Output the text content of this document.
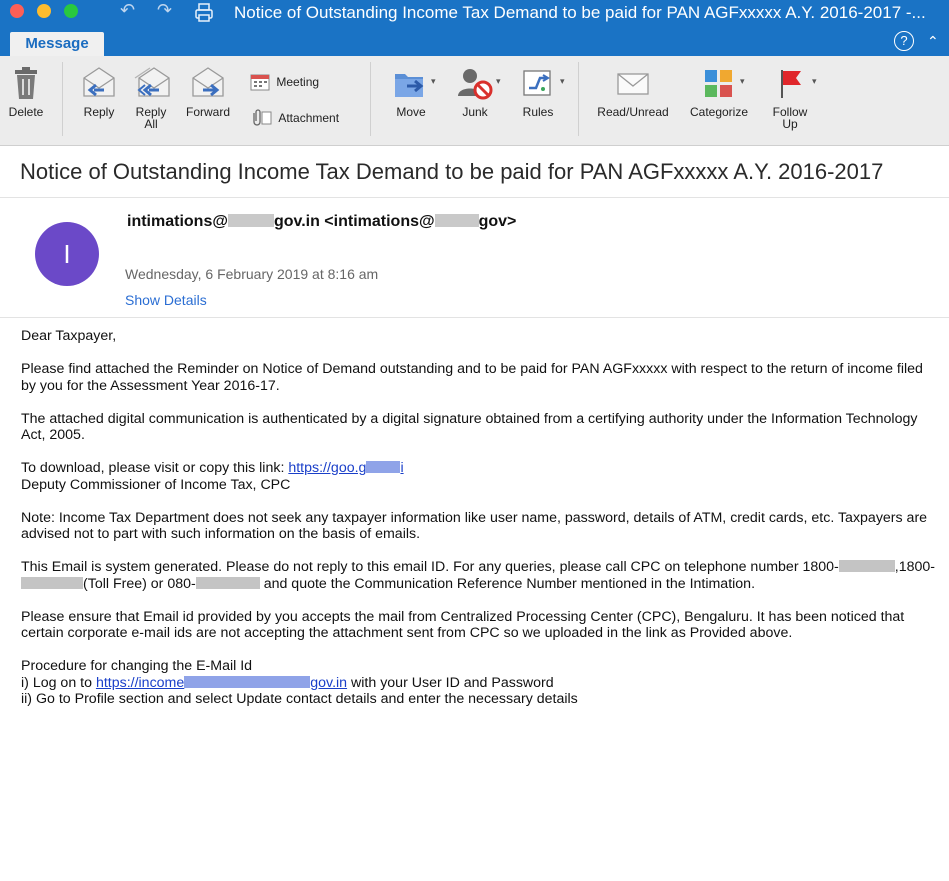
↶ ↷	Notice of Outstanding Income Tax Demand to be paid for PAN AGFxxxxx A.Y. 2016-2017 -...
Message	?	⌃
Delete	Reply	Reply
All
Forward
Meeting
Attachment	Move
▾
Junk
▾
Rules
▾
Read/Unread	Categorize
▾
Follow
Up
▾
Notice of Outstanding Income Tax Demand to be paid for PAN AGFxxxxx A.Y. 2016-2017
I
intimations@	gov.in <intimations@	gov>
Wednesday, 6 February 2019 at 8:16 am
Show Details

Dear Taxpayer,

Please find attached the Reminder on Notice of Demand outstanding and to be paid for PAN AGFxxxxx with respect to the return of income filed by you for the Assessment Year 2016-17.

The attached digital communication is authenticated by a digital signature obtained from a certifying authority under the Information Technology Act, 2005.

To download, please visit or copy this link: https://goo.g i
Deputy Commissioner of Income Tax, CPC

Note: Income Tax Department does not seek any taxpayer information like user name, password, details of ATM, credit cards, etc. Taxpayers are advised not to part with such information on the basis of emails.

This Email is system generated. Please do not reply to this email ID. For any queries, please call CPC on telephone number 1800-	,1800-(Toll Free) or 080-	and quote the Communication Reference Number mentioned in the Intimation.

Please ensure that Email id provided by you accepts the mail from Centralized Processing Center (CPC), Bengaluru. It has been noticed that certain corporate e-mail ids are not accepting the attachment sent from CPC so we uploaded in the link as Provided above.

Procedure for changing the E-Mail Id
i) Log on to https://income	gov.in with your User ID and Password
ii) Go to Profile section and select Update contact details and enter the necessary details
